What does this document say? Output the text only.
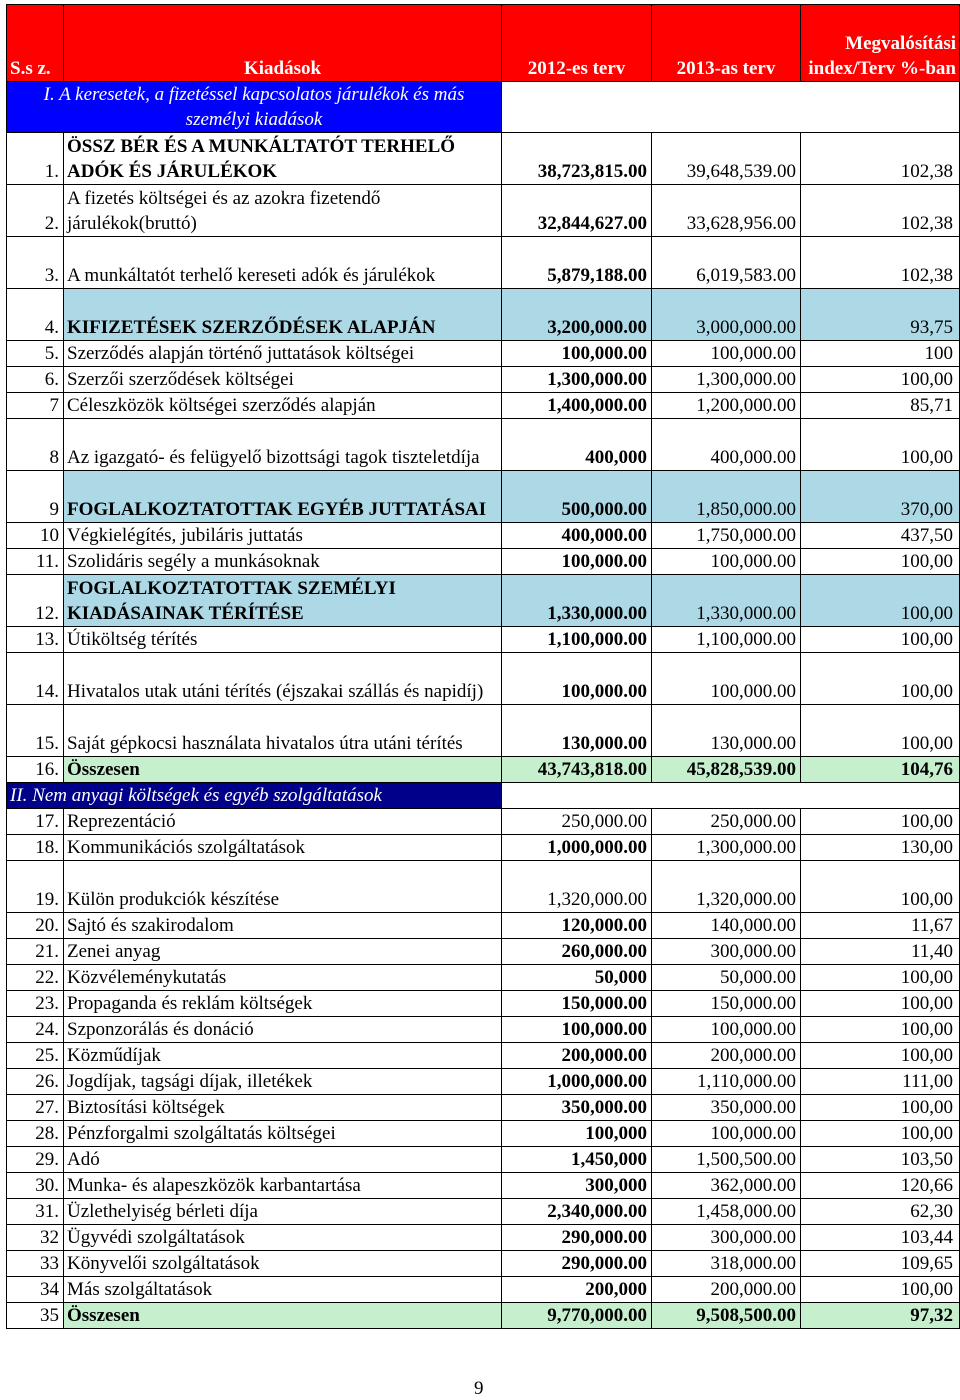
S.s z.	Kiadások	2012-es terv	2013-as terv	Megvalósítási index/Terv %-ban
I. A keresetek, a fizetéssel kapcsolatos járulékok és más személyi kiadások				
1.	ÖSSZ BÉR ÉS A MUNKÁLTATÓT TERHELŐ ADÓK ÉS JÁRULÉKOK	38,723,815.00	39,648,539.00	102,38
2.	A fizetés költségei és az azokra fizetendő járulékok(bruttó)	32,844,627.00	33,628,956.00	102,38
3.	A munkáltatót terhelő kereseti adók és járulékok	5,879,188.00	6,019,583.00	102,38
4.	KIFIZETÉSEK SZERZŐDÉSEK ALAPJÁN	3,200,000.00	3,000,000.00	93,75
5.	Szerződés alapján történő juttatások költségei	100,000.00	100,000.00	100
6.	Szerzői szerződések költségei	1,300,000.00	1,300,000.00	100,00
7	Céleszközök költségei szerződés alapján	1,400,000.00	1,200,000.00	85,71
8	Az igazgató- és felügyelő bizottsági tagok tiszteletdíja	400,000	400,000.00	100,00
9	FOGLALKOZTATOTTAK EGYÉB JUTTATÁSAI	500,000.00	1,850,000.00	370,00
10	Végkielégítés, jubiláris juttatás	400,000.00	1,750,000.00	437,50
11.	Szolidáris segély a munkásoknak	100,000.00	100,000.00	100,00
12.	FOGLALKOZTATOTTAK SZEMÉLYI KIADÁSAINAK TÉRÍTÉSE	1,330,000.00	1,330,000.00	100,00
13.	Útiköltség térítés	1,100,000.00	1,100,000.00	100,00
14.	Hivatalos utak utáni térítés (éjszakai szállás és napidíj)	100,000.00	100,000.00	100,00
15.	Saját gépkocsi használata hivatalos útra utáni térítés	130,000.00	130,000.00	100,00
16.	Összesen	43,743,818.00	45,828,539.00	104,76
II. Nem anyagi költségek és egyéb szolgáltatások				
17.	Reprezentáció	250,000.00	250,000.00	100,00
18.	Kommunikációs szolgáltatások	1,000,000.00	1,300,000.00	130,00
19.	Külön produkciók készítése	1,320,000.00	1,320,000.00	100,00
20.	Sajtó és szakirodalom	120,000.00	140,000.00	11,67
21.	Zenei anyag	260,000.00	300,000.00	11,40
22.	Közvéleménykutatás	50,000	50,000.00	100,00
23.	Propaganda és reklám költségek	150,000.00	150,000.00	100,00
24.	Szponzorálás és donáció	100,000.00	100,000.00	100,00
25.	Közműdíjak	200,000.00	200,000.00	100,00
26.	Jogdíjak, tagsági díjak, illetékek	1,000,000.00	1,110,000.00	111,00
27.	Biztosítási költségek	350,000.00	350,000.00	100,00
28.	Pénzforgalmi szolgáltatás költségei	100,000	100,000.00	100,00
29.	Adó	1,450,000	1,500,500.00	103,50
30.	Munka- és alapeszközök karbantartása	300,000	362,000.00	120,66
31.	Üzlethelyiség bérleti díja	2,340,000.00	1,458,000.00	62,30
32	Ügyvédi szolgáltatások	290,000.00	300,000.00	103,44
33	Könyvelői szolgáltatások	290,000.00	318,000.00	109,65
34	Más szolgáltatások	200,000	200,000.00	100,00
35	Összesen	9,770,000.00	9,508,500.00	97,32
9
